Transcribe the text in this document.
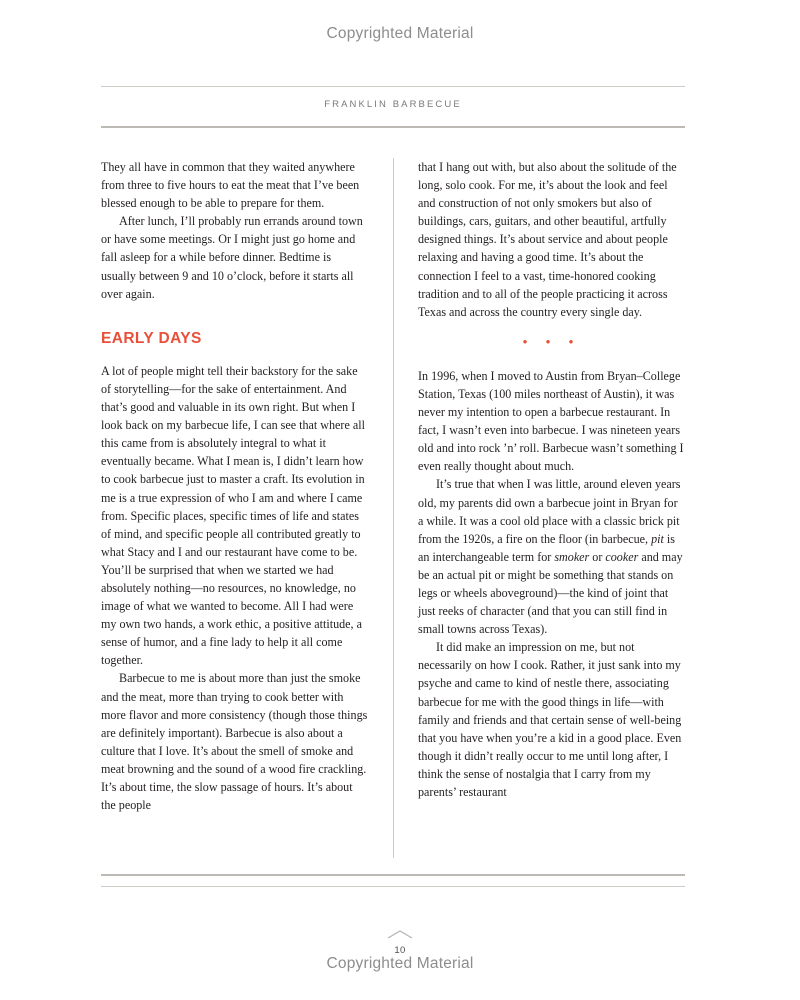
Copyrighted Material
FRANKLIN BARBECUE

They all have in common that they waited anywhere from three to five hours to eat the meat that I’ve been blessed enough to be able to prepare for them.

After lunch, I’ll probably run errands around town or have some meetings. Or I might just go home and fall asleep for a while before dinner. Bedtime is usually between 9 and 10 o’clock, before it starts all over again.

EARLY DAYS

A lot of people might tell their backstory for the sake of storytelling—for the sake of entertainment. And that’s good and valuable in its own right. But when I look back on my barbecue life, I can see that where all this came from is absolutely integral to what it eventually became. What I mean is, I didn’t learn how to cook barbecue just to master a craft. Its evolution in me is a true expression of who I am and where I came from. Specific places, specific times of life and states of mind, and specific people all contributed greatly to what Stacy and I and our restaurant have come to be. You’ll be surprised that when we started we had absolutely nothing—no resources, no knowledge, no image of what we wanted to become. All I had were my own two hands, a work ethic, a positive attitude, a sense of humor, and a fine lady to help it all come together.

Barbecue to me is about more than just the smoke and the meat, more than trying to cook better with more flavor and more consistency (though those things are definitely important). Barbecue is also about a culture that I love. It’s about the smell of smoke and meat browning and the sound of a wood fire crackling. It’s about time, the slow passage of hours. It’s about the people

that I hang out with, but also about the solitude of the long, solo cook. For me, it’s about the look and feel and construction of not only smokers but also of buildings, cars, guitars, and other beautiful, artfully designed things. It’s about service and about people relaxing and having a good time. It’s about the connection I feel to a vast, time-honored cooking tradition and to all of the people practicing it across Texas and across the country every single day.

• • •

In 1996, when I moved to Austin from Bryan–College Station, Texas (100 miles northeast of Austin), it was never my intention to open a barbecue restaurant. In fact, I wasn’t even into barbecue. I was nineteen years old and into rock ’n’ roll. Barbecue wasn’t something I even really thought about much.

It’s true that when I was little, around eleven years old, my parents did own a barbecue joint in Bryan for a while. It was a cool old place with a classic brick pit from the 1920s, a fire on the floor (in barbecue, pit is an interchangeable term for smoker or cooker and may be an actual pit or might be something that stands on legs or wheels aboveground)—the kind of joint that just reeks of character (and that you can still find in small towns across Texas).

It did make an impression on me, but not necessarily on how I cook. Rather, it just sank into my psyche and came to kind of nestle there, associating barbecue for me with the good things in life—with family and friends and that certain sense of well-being that you have when you’re a kid in a good place. Even though it didn’t really occur to me until long after, I think the sense of nostalgia that I carry from my parents’ restaurant

10
Copyrighted Material
